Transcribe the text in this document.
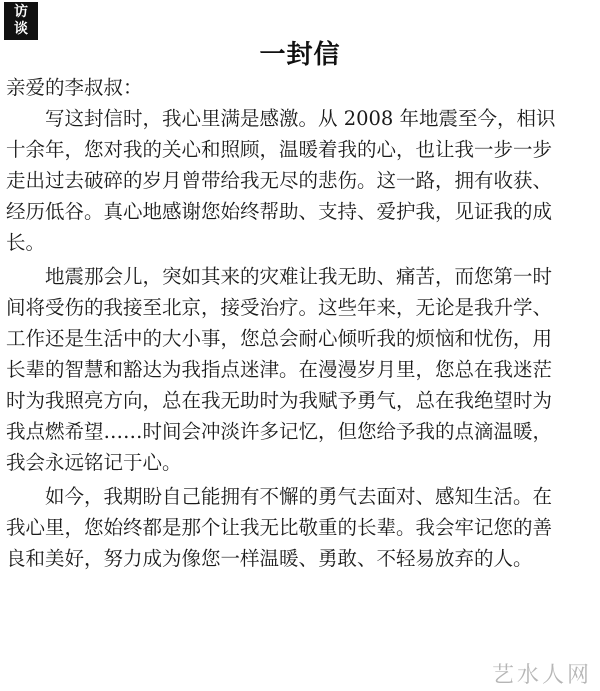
访
谈
一封信
亲爱的李叔叔：
　　写这封信时，我心里满是感激。从 2008 年地震至今，相识
十余年，您对我的关心和照顾，温暖着我的心，也让我一步一步
走出过去破碎的岁月曾带给我无尽的悲伤。这一路，拥有收获、
经历低谷。真心地感谢您始终帮助、支持、爱护我，见证我的成
长。
　　地震那会儿，突如其来的灾难让我无助、痛苦，而您第一时
间将受伤的我接至北京，接受治疗。这些年来，无论是我升学、
工作还是生活中的大小事，您总会耐心倾听我的烦恼和忧伤，用
长辈的智慧和豁达为我指点迷津。在漫漫岁月里，您总在我迷茫
时为我照亮方向，总在我无助时为我赋予勇气，总在我绝望时为
我点燃希望……时间会冲淡许多记忆，但您给予我的点滴温暖，
我会永远铭记于心。
　　如今，我期盼自己能拥有不懈的勇气去面对、感知生活。在
我心里，您始终都是那个让我无比敬重的长辈。我会牢记您的善
良和美好，努力成为像您一样温暖、勇敢、不轻易放弃的人。
艺水人网
